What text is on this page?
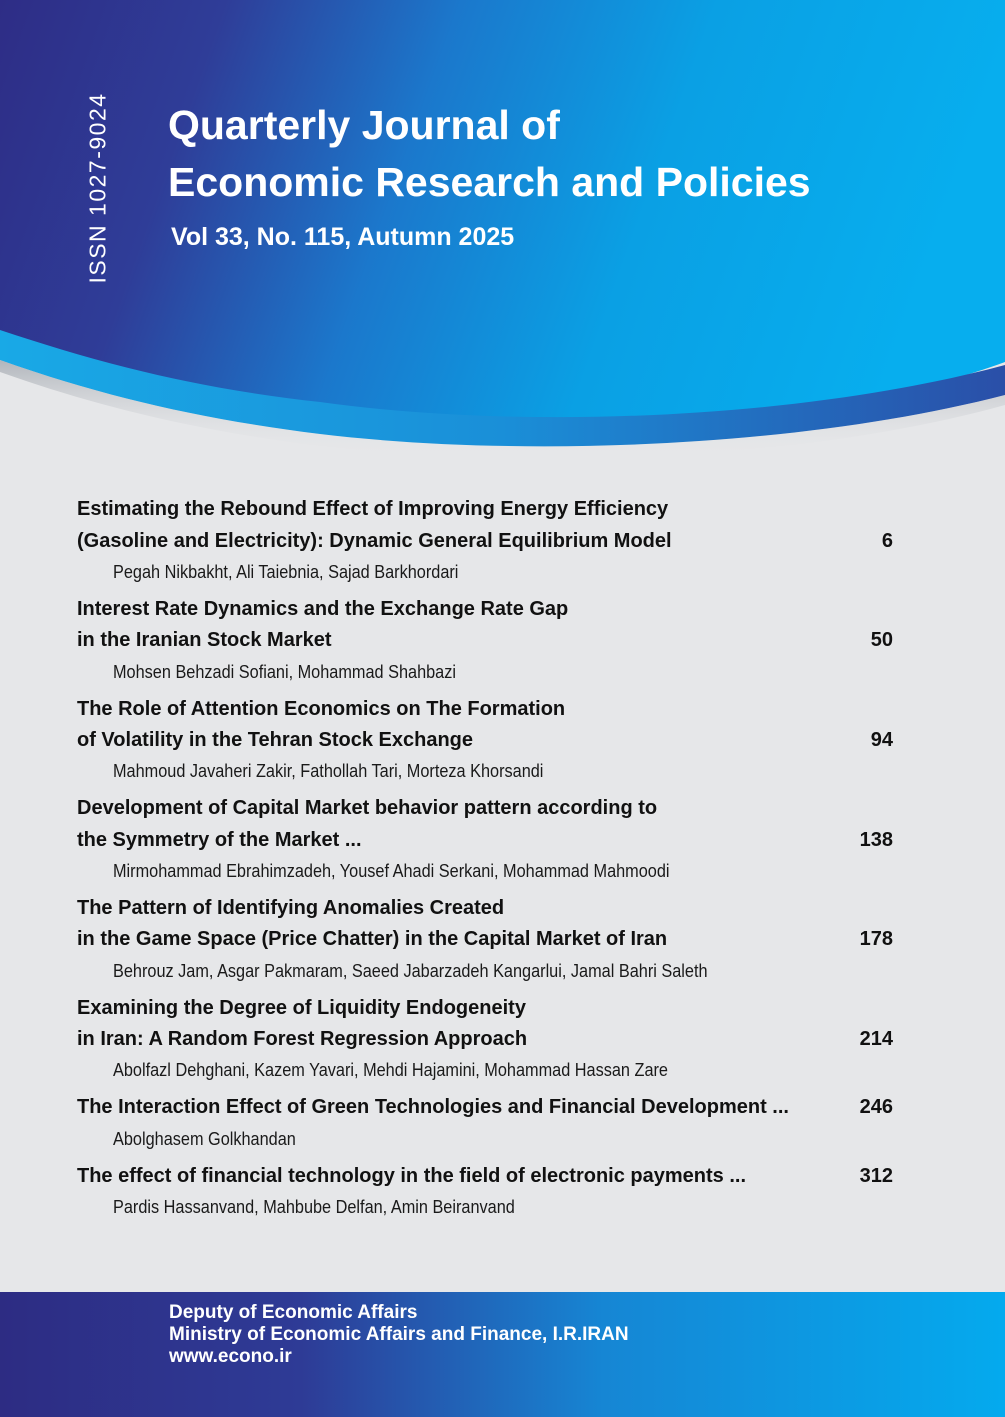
ISSN 1027-9024 Quarterly Journal of
Economic Research and Policies
Vol 33, No. 115, Autumn 2025
Estimating the Rebound Effect of Improving Energy Efficiency
(Gasoline and Electricity): Dynamic General Equilibrium Model	6
Pegah Nikbakht, Ali Taiebnia, Sajad Barkhordari
Interest Rate Dynamics and the Exchange Rate Gap
in the Iranian Stock Market	50
Mohsen Behzadi Sofiani, Mohammad Shahbazi
The Role of Attention Economics on The Formation
of Volatility in the Tehran Stock Exchange	94
Mahmoud Javaheri Zakir, Fathollah Tari, Morteza Khorsandi
Development of Capital Market behavior pattern according to
the Symmetry of the Market ...	138
Mirmohammad Ebrahimzadeh, Yousef Ahadi Serkani, Mohammad Mahmoodi
The Pattern of Identifying Anomalies Created
in the Game Space (Price Chatter) in the Capital Market of Iran	178
Behrouz Jam, Asgar Pakmaram, Saeed Jabarzadeh Kangarlui, Jamal Bahri Saleth
Examining the Degree of Liquidity Endogeneity
in Iran: A Random Forest Regression Approach	214
Abolfazl Dehghani, Kazem Yavari, Mehdi Hajamini, Mohammad Hassan Zare
The Interaction Effect of Green Technologies and Financial Development ...	246
Abolghasem Golkhandan
The effect of financial technology in the field of electronic payments ...	312
Pardis Hassanvand, Mahbube Delfan, Amin Beiranvand
Deputy of Economic Affairs
Ministry of Economic Affairs and Finance, I.R.IRAN
www.econo.ir
